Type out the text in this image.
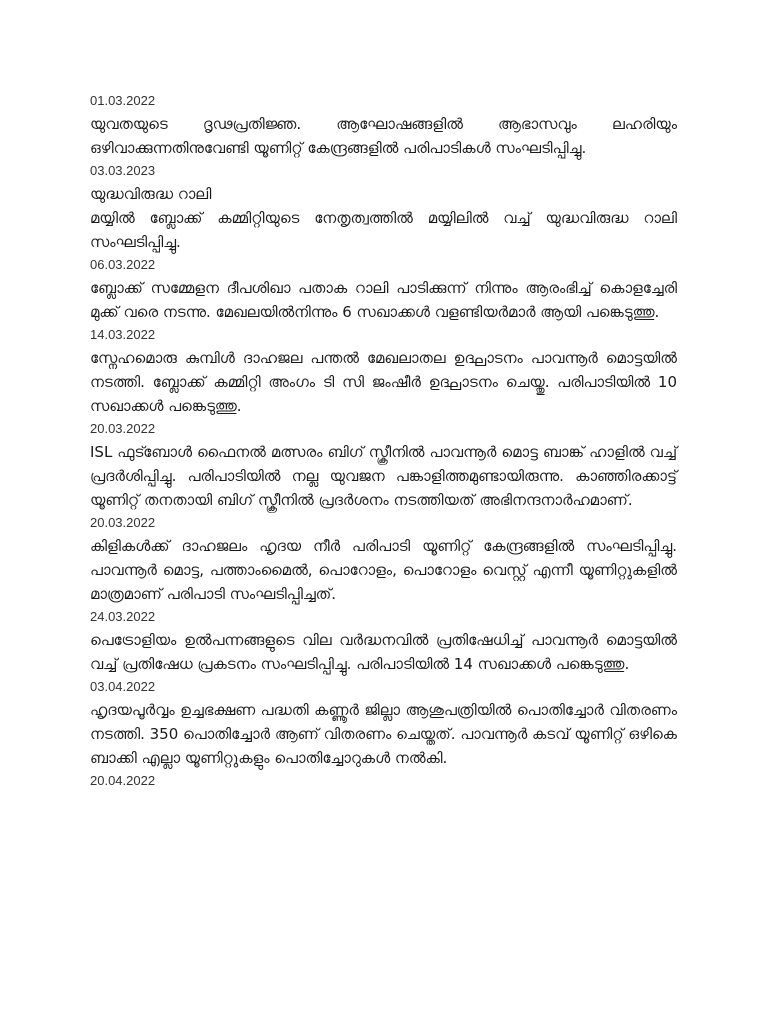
01.03.2022

യുവതയുടെ ദൃഢപ്രതിജ്ഞ. ആഘോഷങ്ങളിൽ ആഭാസവും ലഹരിയും ഒഴിവാക്കുന്നതിനുവേണ്ടി യൂണിറ്റ് കേന്ദ്രങ്ങളിൽ പരിപാടികൾ സംഘടിപ്പിച്ചു.

03.03.2023

യുദ്ധവിരുദ്ധ റാലി

മയ്യിൽ ബ്ലോക്ക് കമ്മിറ്റിയുടെ നേതൃത്വത്തിൽ മയ്യിലിൽ വച്ച് യുദ്ധവിരുദ്ധ റാലി സംഘടിപ്പിച്ചു.

06.03.2022

ബ്ലോക്ക് സമ്മേളന ദീപശിഖാ പതാക റാലി പാടിക്കുന്ന് നിന്നും ആരംഭിച്ച് കൊളച്ചേരി മുക്ക് വരെ നടന്നു. മേഖലയിൽനിന്നും 6 സഖാക്കൾ വളണ്ടിയർമാർ ആയി പങ്കെടുത്തു.

14.03.2022

സ്നേഹമൊരു കുമ്പിൾ ദാഹജല പന്തൽ മേഖലാതല ഉദ്ഘാടനം പാവന്നൂർ മൊട്ടയിൽ നടത്തി. ബ്ലോക്ക് കമ്മിറ്റി അംഗം ടി സി ജംഷീർ ഉദ്ഘാടനം ചെയ്തു. പരിപാടിയിൽ 10 സഖാക്കൾ പങ്കെടുത്തു.

20.03.2022

ISL ഫുട്ബോൾ ഫൈനൽ മത്സരം ബിഗ് സ്ക്രീനിൽ പാവന്നൂർ മൊട്ട ബാങ്ക് ഹാളിൽ വച്ച് പ്രദർശിപ്പിച്ചു. പരിപാടിയിൽ നല്ല യുവജന പങ്കാളിത്തമുണ്ടായിരുന്നു. കാഞ്ഞിരക്കാട്ട് യൂണിറ്റ് തനതായി ബിഗ് സ്ക്രീനിൽ പ്രദർശനം നടത്തിയത് അഭിനന്ദനാർഹമാണ്.

20.03.2022

കിളികൾക്ക് ദാഹജലം ഹൃദയ നീർ പരിപാടി യൂണിറ്റ് കേന്ദ്രങ്ങളിൽ സംഘടിപ്പിച്ചു. പാവന്നൂർ മൊട്ട, പത്താംമൈൽ, പൊറോളം, പൊറോളം വെസ്റ്റ് എന്നീ യൂണിറ്റുകളിൽ മാത്രമാണ് പരിപാടി സംഘടിപ്പിച്ചത്.

24.03.2022

പെട്രോളിയം ഉൽപന്നങ്ങളുടെ വില വർദ്ധനവിൽ പ്രതിഷേധിച്ച് പാവന്നൂർ മൊട്ടയിൽ വച്ച് പ്രതിഷേധ പ്രകടനം സംഘടിപ്പിച്ചു. പരിപാടിയിൽ 14 സഖാക്കൾ പങ്കെടുത്തു.

03.04.2022

ഹൃദയപൂർവ്വം ഉച്ചഭക്ഷണ പദ്ധതി കണ്ണൂർ ജില്ലാ ആശുപത്രിയിൽ പൊതിച്ചോർ വിതരണം നടത്തി. 350 പൊതിച്ചോർ ആണ് വിതരണം ചെയ്തത്. പാവന്നൂർ കടവ് യൂണിറ്റ് ഒഴികെ ബാക്കി എല്ലാ യൂണിറ്റുകളും പൊതിച്ചോറുകൾ നൽകി.

20.04.2022
